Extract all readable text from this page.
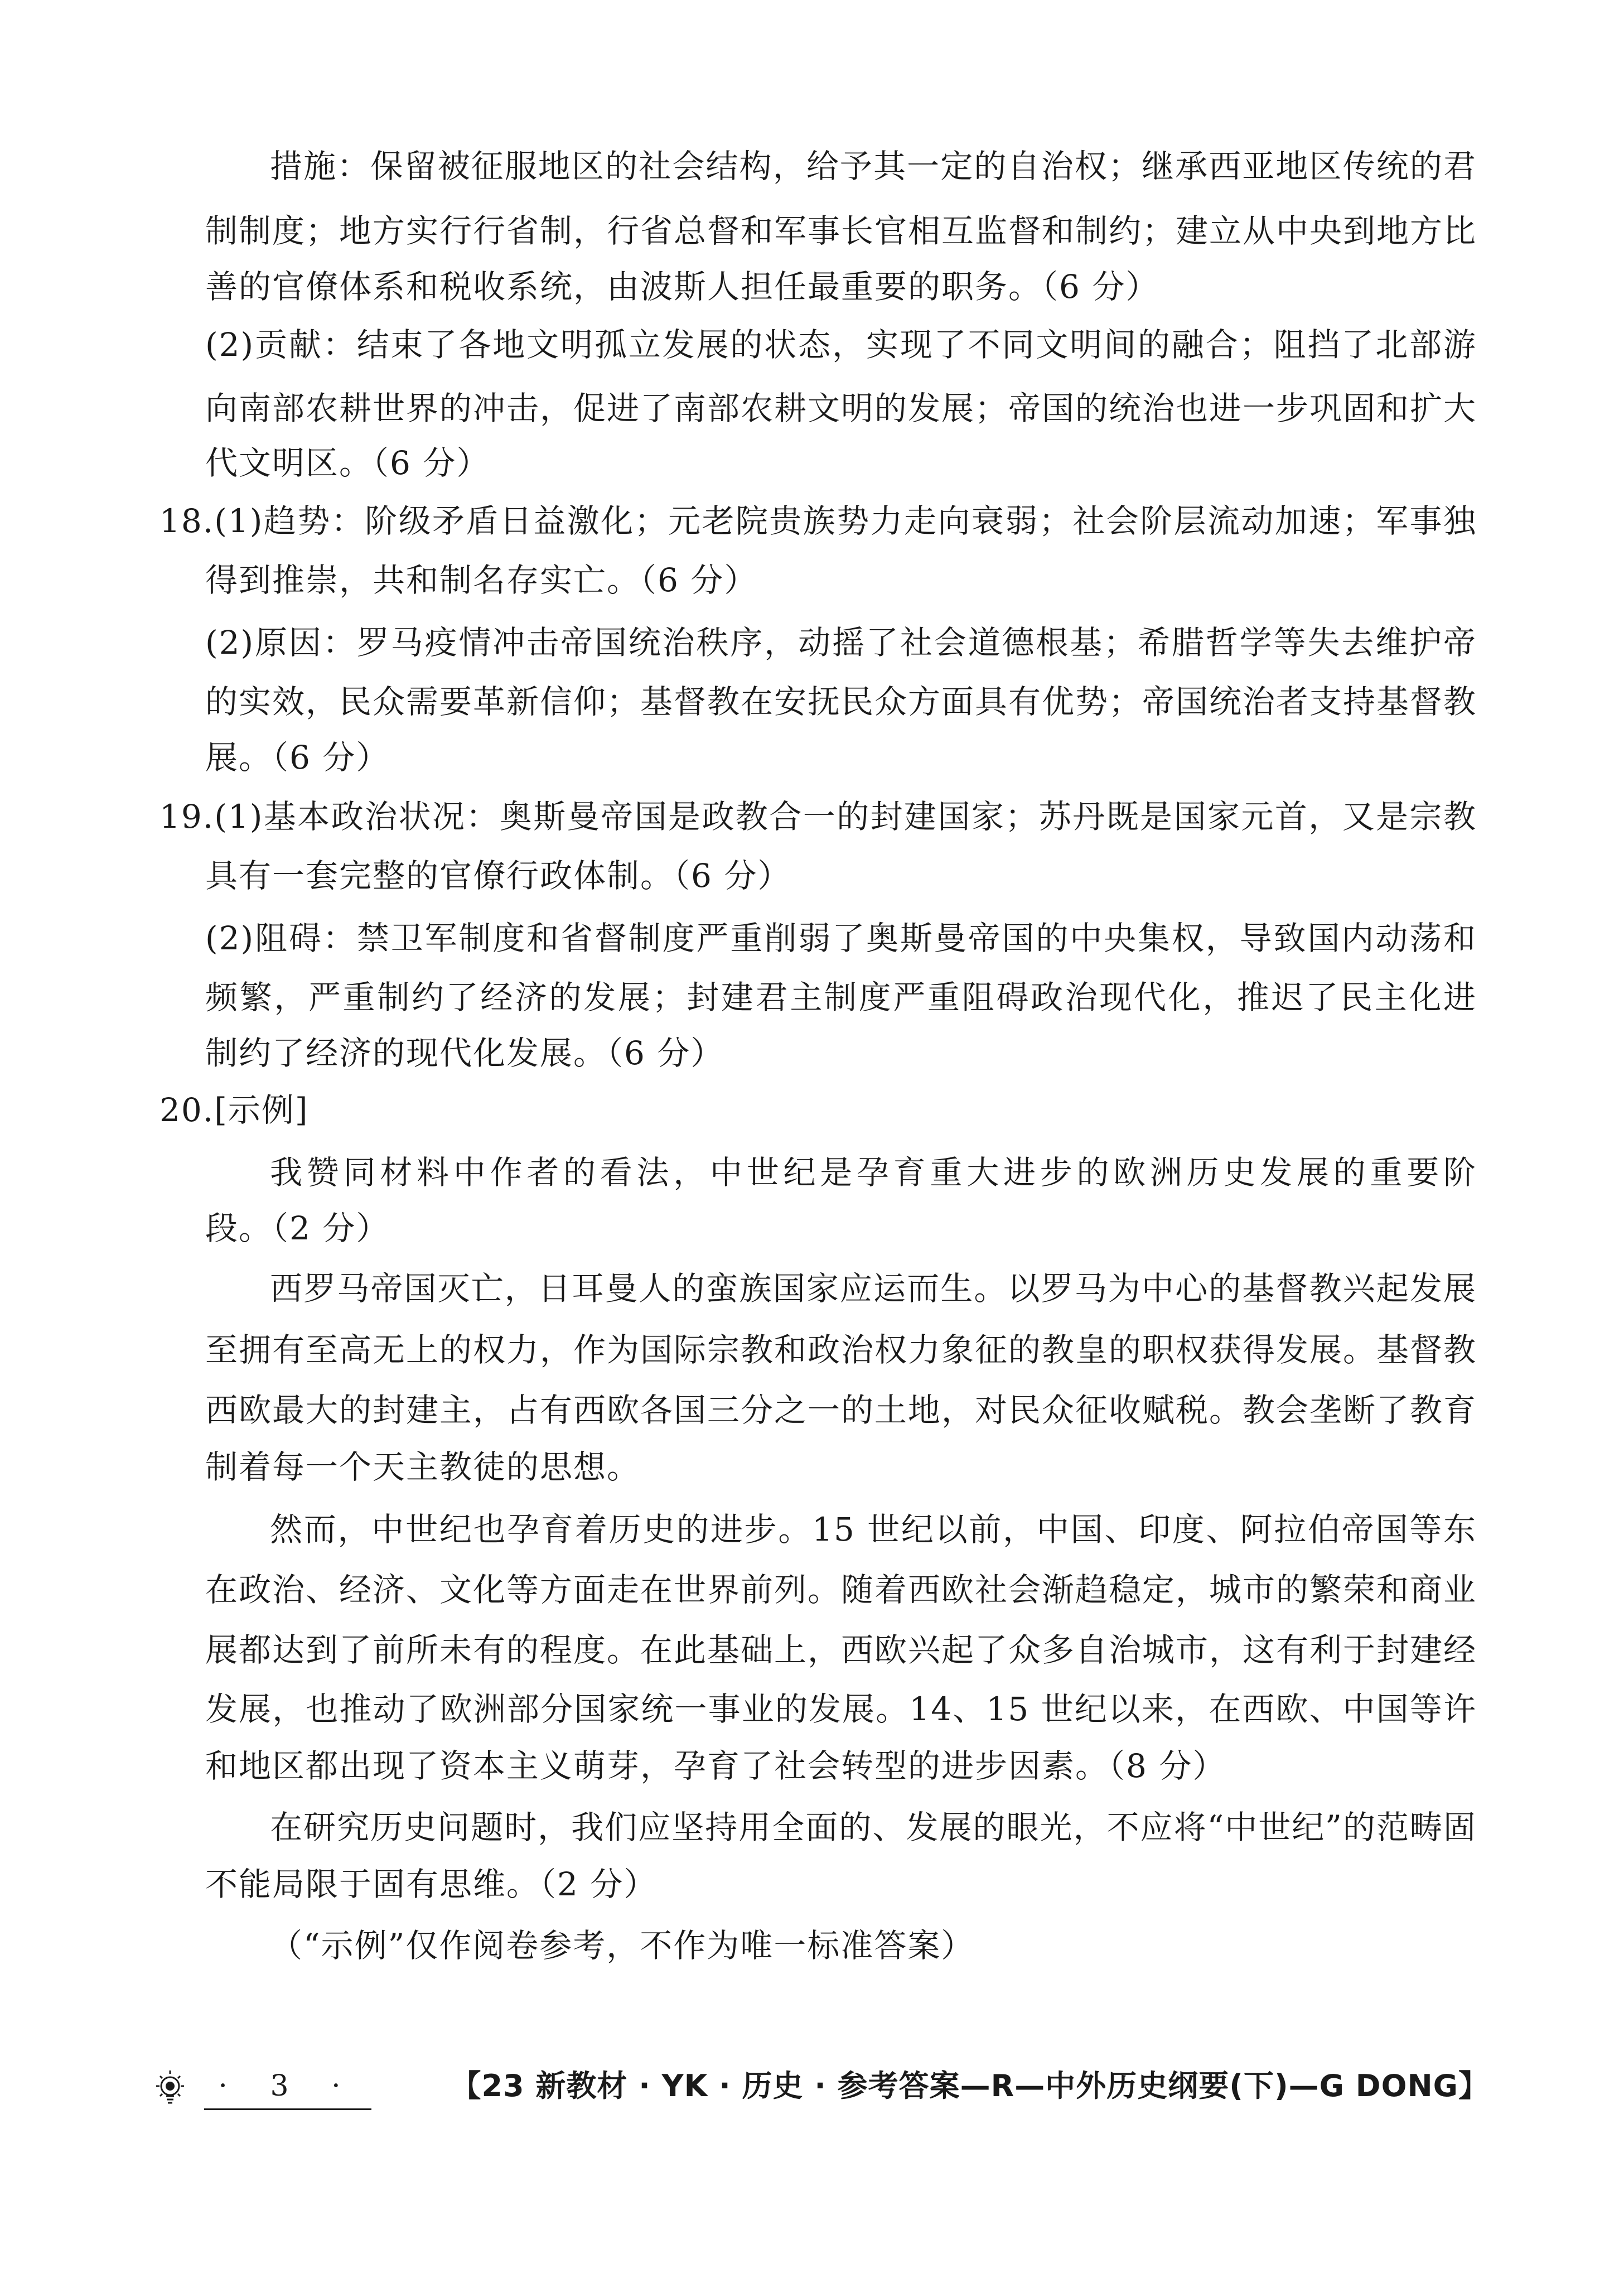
措施：保留被征服地区的社会结构，给予其一定的自治权；继承西亚地区传统的君
制制度；地方实行行省制，行省总督和军事长官相互监督和制约；建立从中央到地方比
善的官僚体系和税收系统，由波斯人担任最重要的职务。（6 分）
(2)贡献：结束了各地文明孤立发展的状态，实现了不同文明间的融合；阻挡了北部游
向南部农耕世界的冲击，促进了南部农耕文明的发展；帝国的统治也进一步巩固和扩大
代文明区。（6 分）
18.(1)趋势：阶级矛盾日益激化；元老院贵族势力走向衰弱；社会阶层流动加速；军事独
得到推崇，共和制名存实亡。（6 分）
(2)原因：罗马疫情冲击帝国统治秩序，动摇了社会道德根基；希腊哲学等失去维护帝
的实效，民众需要革新信仰；基督教在安抚民众方面具有优势；帝国统治者支持基督教
展。（6 分）
19.(1)基本政治状况：奥斯曼帝国是政教合一的封建国家；苏丹既是国家元首，又是宗教
具有一套完整的官僚行政体制。（6 分）
(2)阻碍：禁卫军制度和省督制度严重削弱了奥斯曼帝国的中央集权，导致国内动荡和
频繁，严重制约了经济的发展；封建君主制度严重阻碍政治现代化，推迟了民主化进
制约了经济的现代化发展。（6 分）
20.[示例]
我赞同材料中作者的看法，中世纪是孕育重大进步的欧洲历史发展的重要阶
段。（2 分）
西罗马帝国灭亡，日耳曼人的蛮族国家应运而生。以罗马为中心的基督教兴起发展
至拥有至高无上的权力，作为国际宗教和政治权力象征的教皇的职权获得发展。基督教
西欧最大的封建主，占有西欧各国三分之一的土地，对民众征收赋税。教会垄断了教育
制着每一个天主教徒的思想。
然而，中世纪也孕育着历史的进步。15 世纪以前，中国、印度、阿拉伯帝国等东
在政治、经济、文化等方面走在世界前列。随着西欧社会渐趋稳定，城市的繁荣和商业
展都达到了前所未有的程度。在此基础上，西欧兴起了众多自治城市，这有利于封建经
发展，也推动了欧洲部分国家统一事业的发展。14、15 世纪以来，在西欧、中国等许
和地区都出现了资本主义萌芽，孕育了社会转型的进步因素。（8 分）
在研究历史问题时，我们应坚持用全面的、发展的眼光，不应将“中世纪”的范畴固
不能局限于固有思维。（2 分）
（“示例”仅作阅卷参考，不作为唯一标准答案）
· 3 ·	【23 新教材 · YK · 历史 · 参考答案—R—中外历史纲要(下)—G DONG】
